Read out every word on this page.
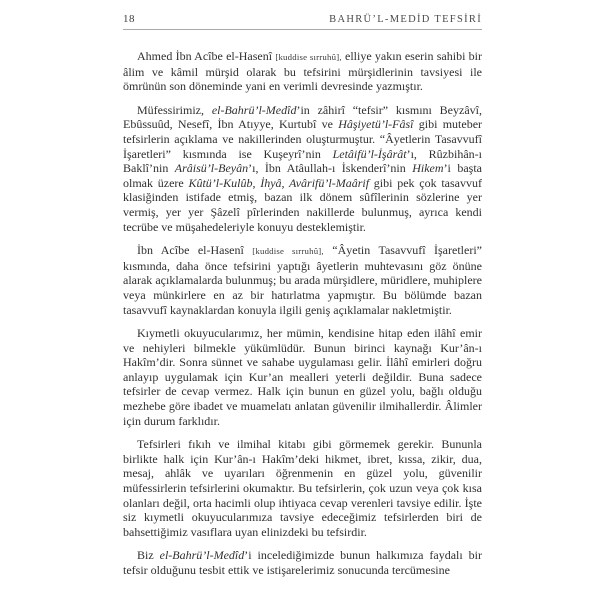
18	BAHRÜ’L-MEDİD TEFSİRİ

Ahmed İbn Acîbe el-Hasenî [kuddise sırruhû], elliye yakın eserin sahibi bir âlim ve kâmil mürşid olarak bu tefsirini mürşidlerinin tavsiyesi ile ömrünün son döneminde yani en verimli devresinde yazmıştır.

Müfessirimiz, el-Bahrü’l-Medîd’in zâhirî “tefsir” kısmını Beyzâvî, Ebûssuûd, Nesefî, İbn Atıyye, Kurtubî ve Hâşiyetü’l-Fâsî gibi muteber tefsirlerin açıklama ve nakillerinden oluşturmuştur. “Âyetlerin Tasavvufî İşaretleri” kısmında ise Kuşeyrî’nin Letâifü’l-İşârât’ı, Rûzbihân-ı Baklî’nin Arâisü’l-Beyân’ı, İbn Atâullah-ı İskenderî’nin Hikem’i başta olmak üzere Kûtü’l-Kulûb, İhyâ, Avârifü’l-Maârif gibi pek çok tasavvuf klasiğinden istifade etmiş, bazan ilk dönem sûfîlerinin sözlerine yer vermiş, yer yer Şâzelî pîrlerinden nakillerde bulunmuş, ayrıca kendi tecrübe ve müşahedeleriyle konuyu desteklemiştir.

İbn Acîbe el-Hasenî [kuddise sırruhû], “Âyetin Tasavvufî İşaretleri” kısmında, daha önce tefsirini yaptığı âyetlerin muhtevasını göz önüne alarak açıklamalarda bulunmuş; bu arada mürşidlere, müridlere, muhiplere veya münkirlere en az bir hatırlatma yapmıştır. Bu bölümde bazan tasavvufî kaynaklardan konuyla ilgili geniş açıklamalar nakletmiştir.

Kıymetli okuyucularımız, her mümin, kendisine hitap eden ilâhî emir ve nehiyleri bilmekle yükümlüdür. Bunun birinci kaynağı Kur’ân-ı Hakîm’dir. Sonra sünnet ve sahabe uygulaması gelir. İlâhî emirleri doğru anlayıp uygulamak için Kur’an mealleri yeterli değildir. Buna sadece tefsirler de cevap vermez. Halk için bunun en güzel yolu, bağlı olduğu mezhebe göre ibadet ve muamelatı anlatan güvenilir ilmihallerdir. Âlimler için durum farklıdır.

Tefsirleri fıkıh ve ilmihal kitabı gibi görmemek gerekir. Bununla birlikte halk için Kur’ân-ı Hakîm’deki hikmet, ibret, kıssa, zikir, dua, mesaj, ahlâk ve uyarıları öğrenmenin en güzel yolu, güvenilir müfessirlerin tefsirlerini okumaktır. Bu tefsirlerin, çok uzun veya çok kısa olanları değil, orta hacimli olup ihtiyaca cevap verenleri tavsiye edilir. İşte siz kıymetli okuyucularımıza tavsiye edeceğimiz tefsirlerden biri de bahsettiğimiz vasıflara uyan elinizdeki bu tefsirdir.

Biz el-Bahrü’l-Medîd’i incelediğimizde bunun halkımıza faydalı bir tefsir olduğunu tesbit ettik ve istişarelerimiz sonucunda tercümesine
